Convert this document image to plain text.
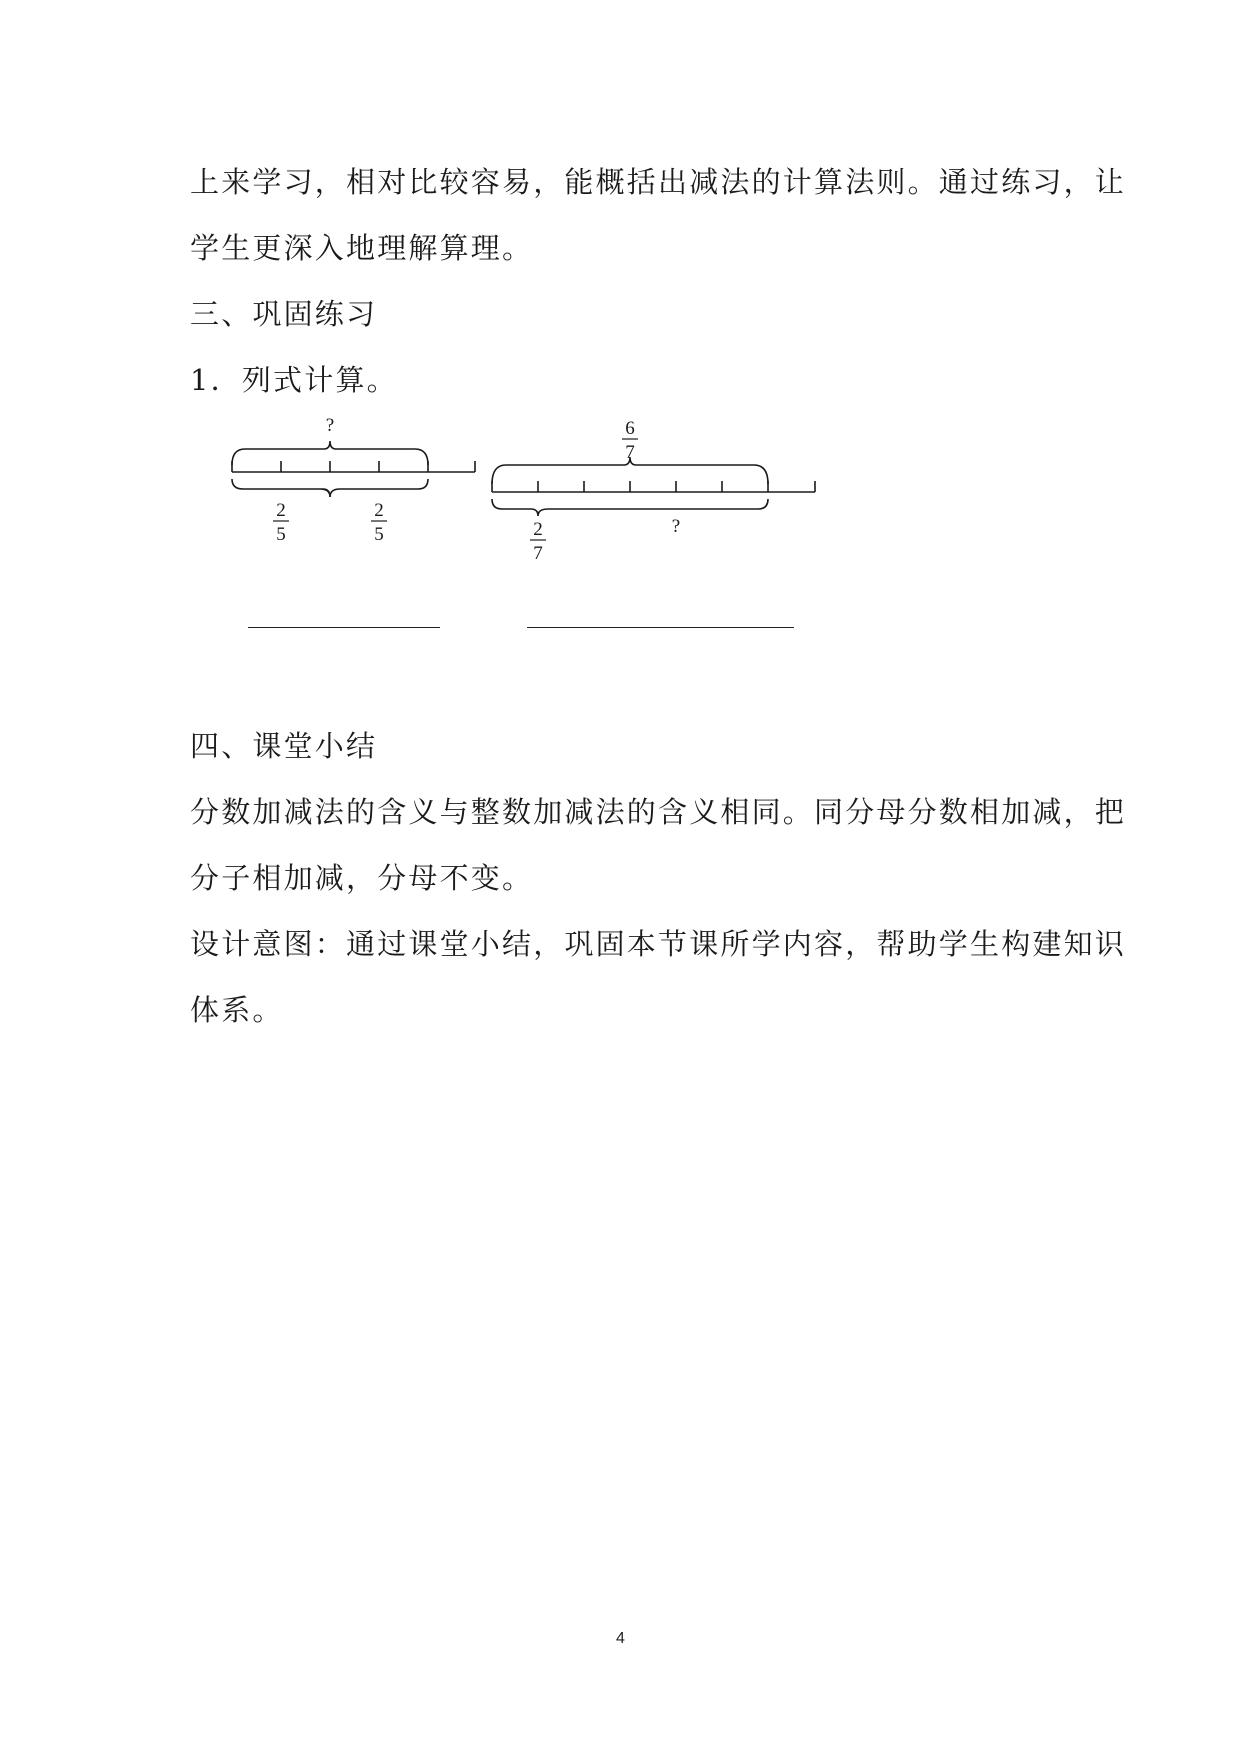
上来学习，相对比较容易，能概括出减法的计算法则。通过练习，让
学生更深入地理解算理。
三、巩固练习
1．列式计算。
?
2
5
2
5
6
7
2
7
?
四、课堂小结
分数加减法的含义与整数加减法的含义相同。同分母分数相加减，把
分子相加减，分母不变。
设计意图：通过课堂小结，巩固本节课所学内容，帮助学生构建知识
体系。
4
